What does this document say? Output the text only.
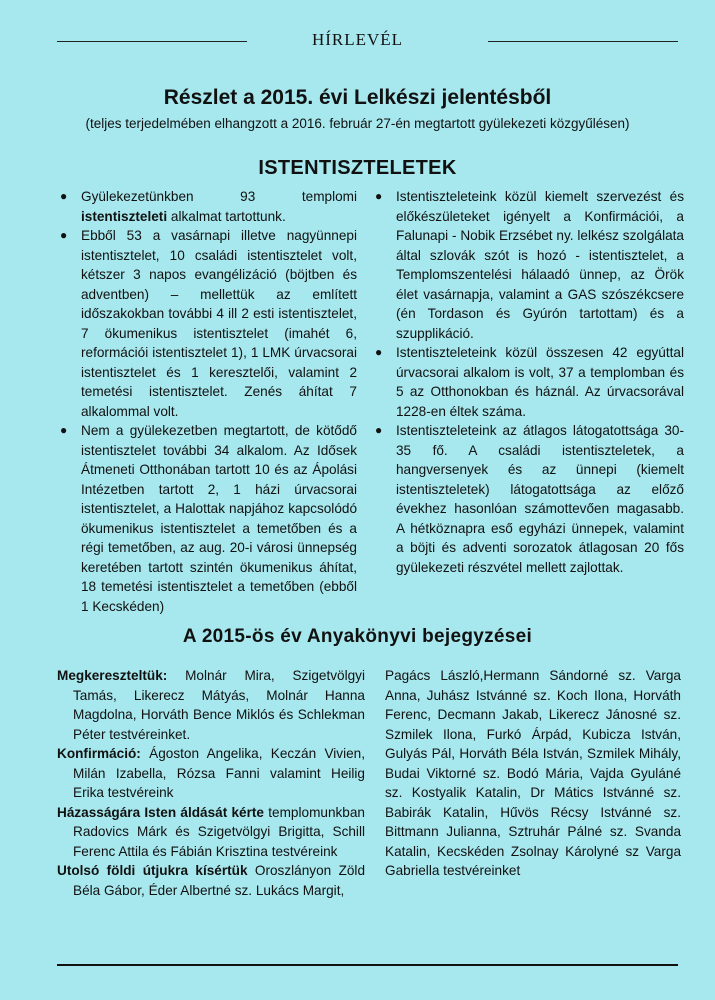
HÍRLEVÉL
Részlet a 2015. évi Lelkészi jelentésből
(teljes terjedelmében elhangzott a 2016. február 27-én megtartott gyülekezeti közgyűlésen)
ISTENTISZTELETEK
● Gyülekezetünkben 93 templomi istentiszteleti alkalmat tartottunk.
● Ebből 53 a vasárnapi illetve nagyünnepi istentisztelet, 10 családi istentisztelet volt, kétszer 3 napos evangélizáció (böjtben és adventben) – mellettük az említett időszakokban további 4 ill 2 esti istentisztelet, 7 ökumenikus istentisztelet (imahét 6, reformációi istentisztelet 1), 1 LMK úrvacsorai istentisztelet és 1 keresztelői, valamint 2 temetési istentisztelet. Zenés áhítat 7 alkalommal volt.
● Nem a gyülekezetben megtartott, de kötődő istentisztelet további 34 alkalom. Az Idősek Átmeneti Otthonában tartott 10 és az Ápolási Intézetben tartott 2, 1 házi úrvacsorai istentisztelet, a Halottak napjához kapcsolódó ökumenikus istentisztelet a temetőben és a régi temetőben, az aug. 20-i városi ünnepség keretében tartott szintén ökumenikus áhítat, 18 temetési istentisztelet a temetőben (ebből 1 Kecskéden)
● Istentiszteleteink közül kiemelt szervezést és előkészületeket igényelt a Konfirmációi, a Falunapi - Nobik Erzsébet ny. lelkész szolgálata által szlovák szót is hozó - istentisztelet, a Templomszentelési hálaadó ünnep, az Örök élet vasárnapja, valamint a GAS szószékcsere (én Tordason és Gyúrón tartottam) és a szupplikáció.
● Istentiszteleteink közül összesen 42 egyúttal úrvacsorai alkalom is volt, 37 a templomban és 5 az Otthonokban és háznál. Az úrvacsorával 1228-en éltek számа.
● Istentiszteleteink az átlagos látogatottsága 30-35 fő. A családi istentiszteletek, a hangversenyek és az ünnepi (kiemelt istentiszteletek) látogatottsága az előző évekhez hasonlóan számottevően magasabb. A hétköznapra eső egyházi ünnepek, valamint a böjti és adventi sorozatok átlagosan 20 fős gyülekezeti részvétel mellett zajlottak.
A 2015-ös év Anyakönyvi bejegyzései

Megkereszteltük: Molnár Mira, Szigetvölgyi Tamás, Likerecz Mátyás, Molnár Hanna Magdolna, Horváth Bence Miklós és Schlekman Péter testvéreinket.

Konfirmáció: Ágoston Angelika, Keczán Vivien, Milán Izabella, Rózsa Fanni valamint Heilig Erika testvéreink

Házasságára Isten áldását kérte templomunkban Radovics Márk és Szigetvölgyi Brigitta, Schill Ferenc Attila és Fábián Krisztina testvéreink

Utolsó földi útjukra kísértük Oroszlányon Zöld Béla Gábor, Éder Albertné sz. Lukács Margit,

Pagács László,Hermann Sándorné sz. Varga Anna, Juhász Istvánné sz. Koch Ilona, Horváth Ferenc, Decmann Jakab, Likerecz Jánosné sz. Szmilek Ilona, Furkó Árpád, Kubicza István, Gulyás Pál, Horváth Béla István, Szmilek Mihály, Budai Viktorné sz. Bodó Mária, Vajda Gyuláné sz. Kostyalik Katalin, Dr Mátics Istvánné sz. Babirák Katalin, Hűvös Récsy Istvánné sz. Bittmann Julianna, Sztruhár Pálné sz. Svanda Katalin, Kecskéden Zsolnay Károlyné sz Varga Gabriella testvéreinket
